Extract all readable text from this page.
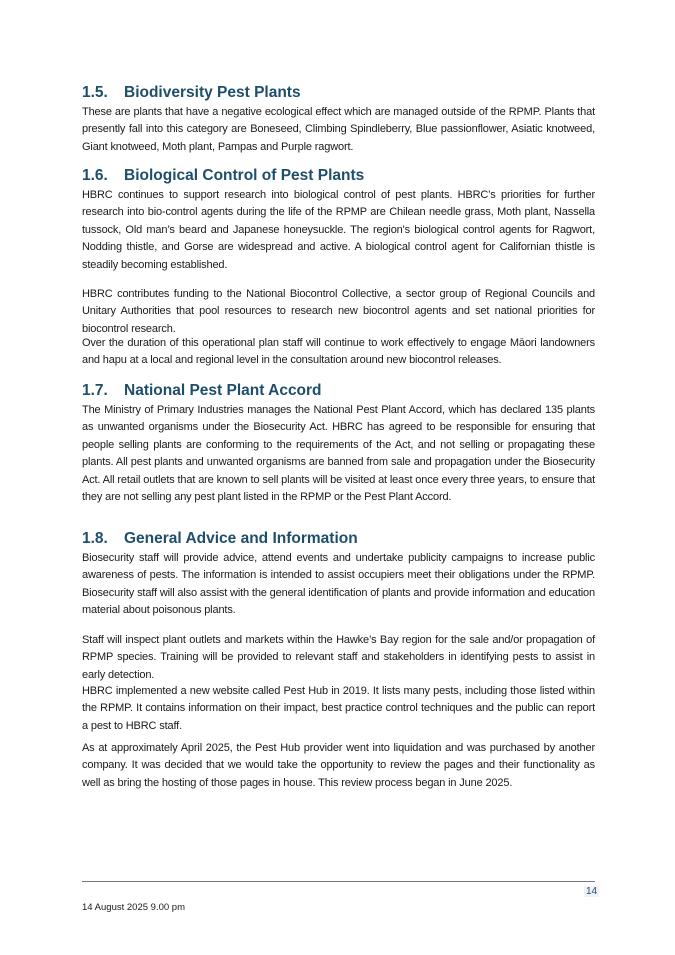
1.5. Biodiversity Pest Plants

These are plants that have a negative ecological effect which are managed outside of the RPMP. Plants that presently fall into this category are Boneseed, Climbing Spindleberry, Blue passionflower, Asiatic knotweed, Giant knotweed, Moth plant, Pampas and Purple ragwort.

1.6. Biological Control of Pest Plants

HBRC continues to support research into biological control of pest plants. HBRC’s priorities for further research into bio-control agents during the life of the RPMP are Chilean needle grass, Moth plant, Nassella tussock, Old man’s beard and Japanese honeysuckle. The region's biological control agents for Ragwort, Nodding thistle, and Gorse are widespread and active. A biological control agent for Californian thistle is steadily becoming established.

HBRC contributes funding to the National Biocontrol Collective, a sector group of Regional Councils and Unitary Authorities that pool resources to research new biocontrol agents and set national priorities for biocontrol research.

Over the duration of this operational plan staff will continue to work effectively to engage Māori landowners and hapu at a local and regional level in the consultation around new biocontrol releases.

1.7. National Pest Plant Accord

The Ministry of Primary Industries manages the National Pest Plant Accord, which has declared 135 plants as unwanted organisms under the Biosecurity Act. HBRC has agreed to be responsible for ensuring that people selling plants are conforming to the requirements of the Act, and not selling or propagating these plants. All pest plants and unwanted organisms are banned from sale and propagation under the Biosecurity Act. All retail outlets that are known to sell plants will be visited at least once every three years, to ensure that they are not selling any pest plant listed in the RPMP or the Pest Plant Accord.

1.8. General Advice and Information

Biosecurity staff will provide advice, attend events and undertake publicity campaigns to increase public awareness of pests. The information is intended to assist occupiers meet their obligations under the RPMP. Biosecurity staff will also assist with the general identification of plants and provide information and education material about poisonous plants.

Staff will inspect plant outlets and markets within the Hawke’s Bay region for the sale and/or propagation of RPMP species. Training will be provided to relevant staff and stakeholders in identifying pests to assist in early detection.

HBRC implemented a new website called Pest Hub in 2019. It lists many pests, including those listed within the RPMP. It contains information on their impact, best practice control techniques and the public can report a pest to HBRC staff.

As at approximately April 2025, the Pest Hub provider went into liquidation and was purchased by another company. It was decided that we would take the opportunity to review the pages and their functionality as well as bring the hosting of those pages in house. This review process began in June 2025.

14
14 August 2025 9.00 pm
